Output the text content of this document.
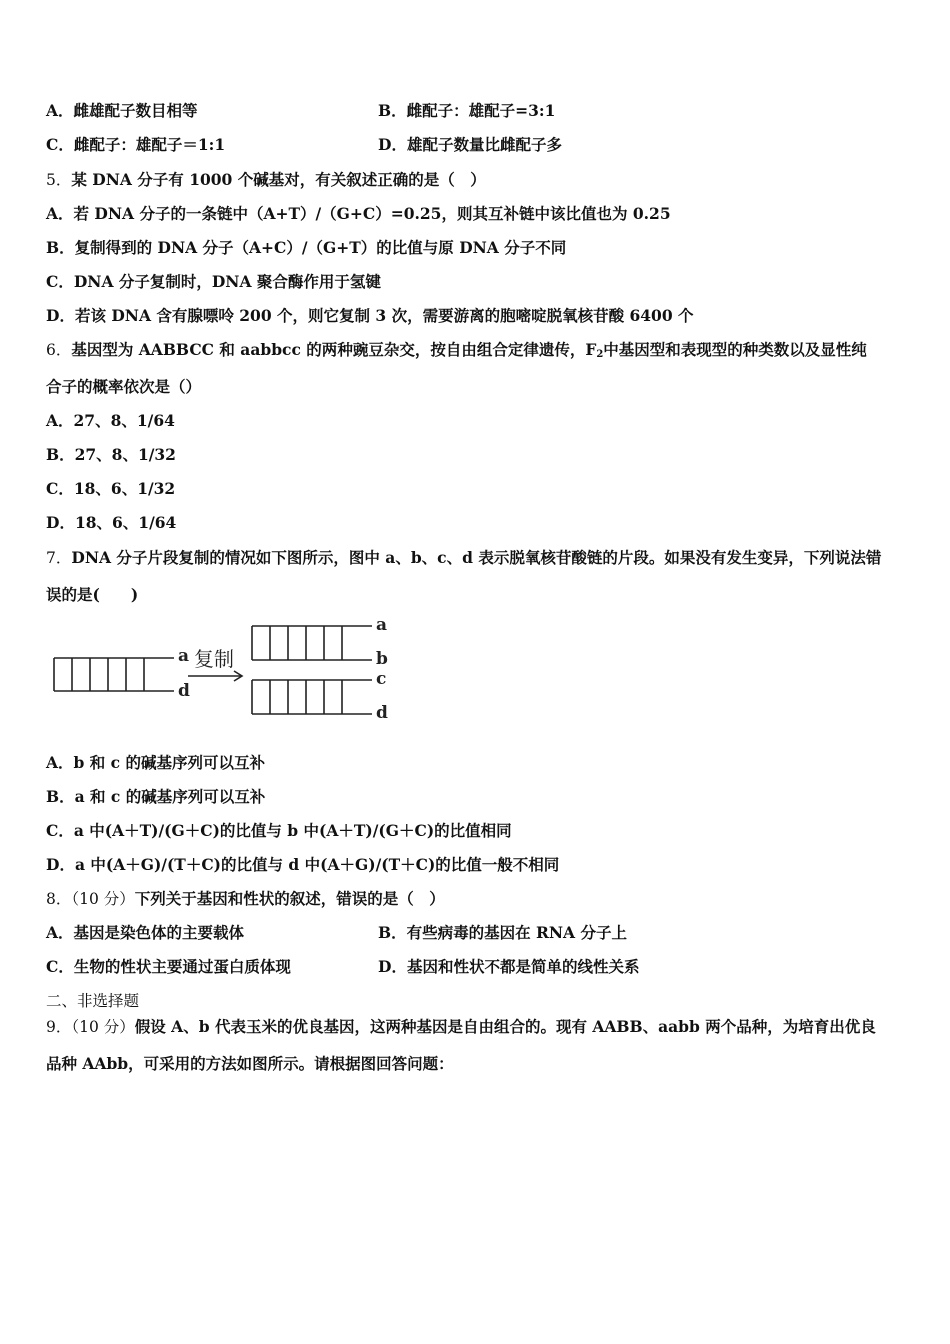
A．雌雄配子数目相等	B．雌配子：雄配子=3:1
C．雌配子：雄配子＝1:1	D．雄配子数量比雌配子多
5．某 DNA 分子有 1000 个碱基对，有关叙述正确的是（　）
A．若 DNA 分子的一条链中（A+T）/（G+C）=0.25，则其互补链中该比值也为 0.25
B．复制得到的 DNA 分子（A+C）/（G+T）的比值与原 DNA 分子不同
C．DNA 分子复制时，DNA 聚合酶作用于氢键
D．若该 DNA 含有腺嘌呤 200 个，则它复制 3 次，需要游离的胞嘧啶脱氧核苷酸 6400 个
6．基因型为 AABBCC 和 aabbcc 的两种豌豆杂交，按自由组合定律遗传，$F_2$中基因型和表现型的种类数以及显性纯
合子的概率依次是（）
A．27、8、1/64
B．27、8、1/32
C．18、6、1/32
D．18、6、1/64
7．DNA 分子片段复制的情况如下图所示，图中 a、b、c、d 表示脱氧核苷酸链的片段。如果没有发生变异，下列说法错
误的是(　　)
a
d
复制
a
b
c
d
A．b 和 c 的碱基序列可以互补
B．a 和 c 的碱基序列可以互补
C．a 中(A＋T)/(G＋C)的比值与 b 中(A＋T)/(G＋C)的比值相同
D．a 中(A＋G)/(T＋C)的比值与 d 中(A＋G)/(T＋C)的比值一般不相同
8．（10 分）下列关于基因和性状的叙述，错误的是（　）
A．基因是染色体的主要载体	B．有些病毒的基因在 RNA 分子上
C．生物的性状主要通过蛋白质体现	D．基因和性状不都是简单的线性关系
二、非选择题
9．（10 分）假设 A、b 代表玉米的优良基因，这两种基因是自由组合的。现有 AABB、aabb 两个品种，为培育出优良
品种 AAbb，可采用的方法如图所示。请根据图回答问题：
